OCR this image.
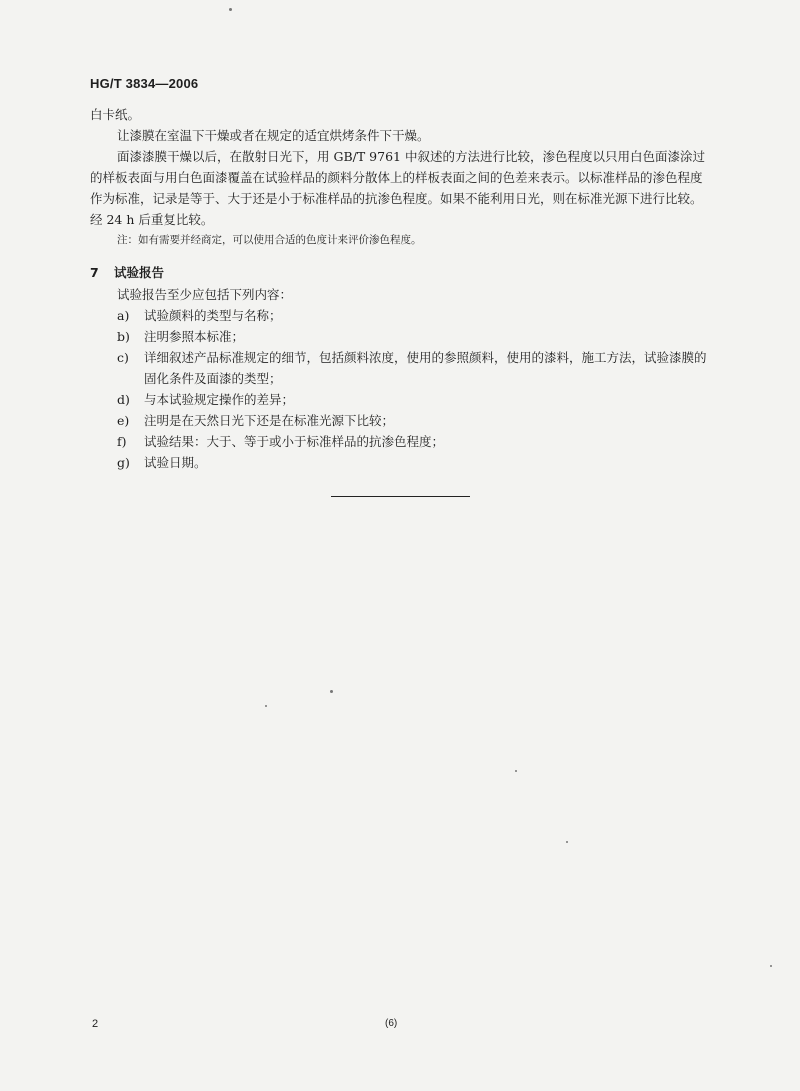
HG/T 3834—2006

白卡纸。

让漆膜在室温下干燥或者在规定的适宜烘烤条件下干燥。

面漆漆膜干燥以后，在散射日光下，用 GB/T 9761 中叙述的方法进行比较，渗色程度以只用白色面漆涂过的样板表面与用白色面漆覆盖在试验样品的颜料分散体上的样板表面之间的色差来表示。以标准样品的渗色程度作为标准，记录是等于、大于还是小于标准样品的抗渗色程度。如果不能利用日光，则在标准光源下进行比较。经 24 h 后重复比较。

注：如有需要并经商定，可以使用合适的色度计来评价渗色程度。

7 试验报告

试验报告至少应包括下列内容：

a) 试验颜料的类型与名称；
b) 注明参照本标准；
c) 详细叙述产品标准规定的细节，包括颜料浓度，使用的参照颜料，使用的漆料，施工方法，试验漆膜的固化条件及面漆的类型；
d) 与本试验规定操作的差异；
e) 注明是在天然日光下还是在标准光源下比较；
f) 试验结果：大于、等于或小于标准样品的抗渗色程度；
g) 试验日期。
2	(6)
